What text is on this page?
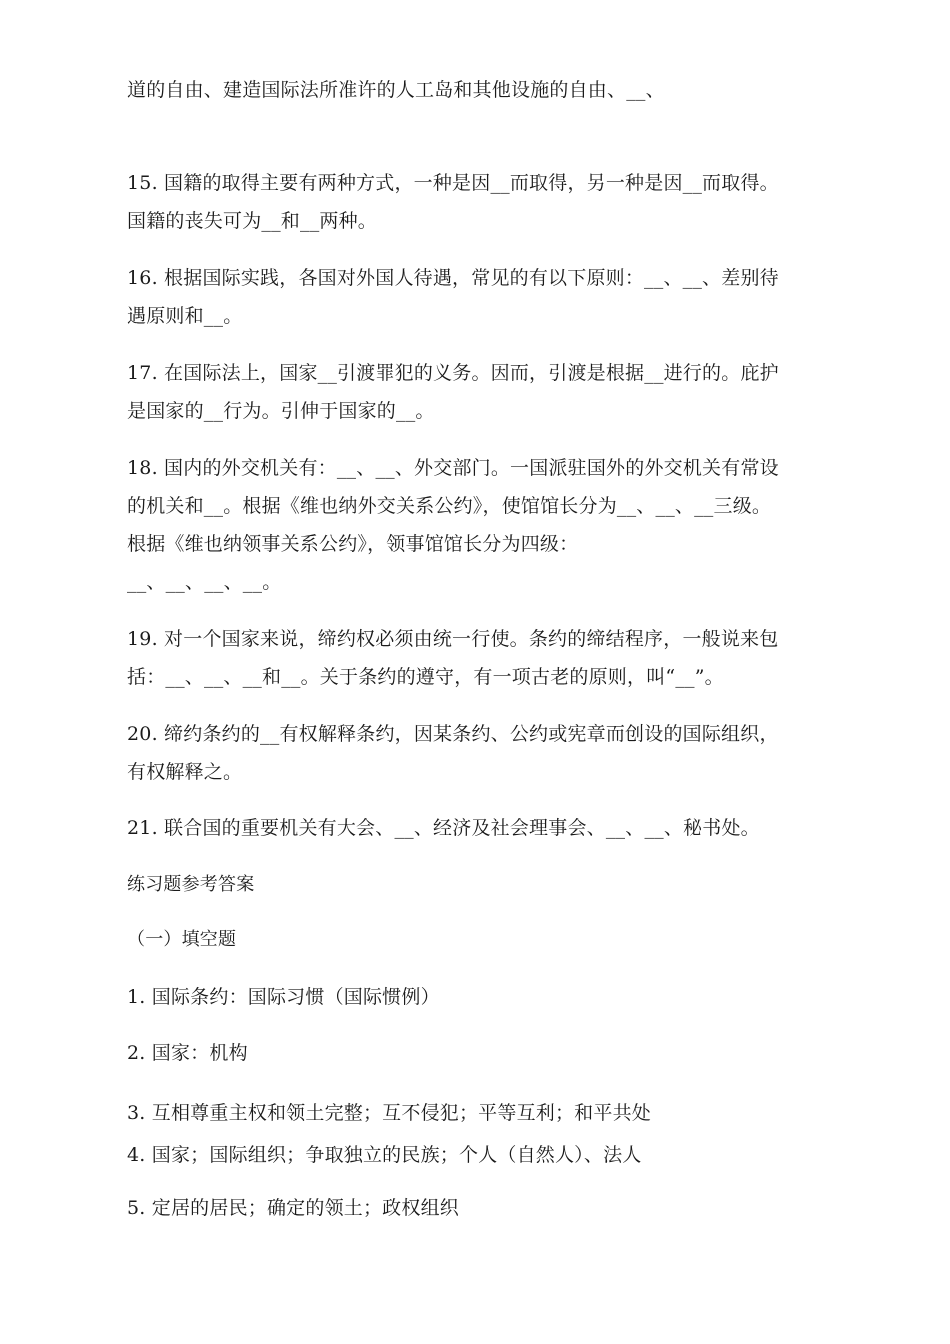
道的自由、建造国际法所准许的人工岛和其他设施的自由、__、
15. 国籍的取得主要有两种方式，一种是因__而取得，另一种是因__而取得。
国籍的丧失可为__和__两种。
16. 根据国际实践，各国对外国人待遇，常见的有以下原则：__、__、差别待
遇原则和__。
17. 在国际法上，国家__引渡罪犯的义务。因而，引渡是根据__进行的。庇护
是国家的__行为。引伸于国家的__。
18. 国内的外交机关有：__、__、外交部门。一国派驻国外的外交机关有常设
的机关和__。根据《维也纳外交关系公约》，使馆馆长分为__、__、__三级。
根据《维也纳领事关系公约》，领事馆馆长分为四级：
__、__、__、__。
19. 对一个国家来说，缔约权必须由统一行使。条约的缔结程序，一般说来包
括：__、__、__和__。关于条约的遵守，有一项古老的原则，叫“__”。
20. 缔约条约的__有权解释条约，因某条约、公约或宪章而创设的国际组织，
有权解释之。
21. 联合国的重要机关有大会、__、经济及社会理事会、__、__、秘书处。
练习题参考答案
（一）填空题
1. 国际条约：国际习惯（国际惯例）
2. 国家：机构
3. 互相尊重主权和领土完整；互不侵犯；平等互利；和平共处
4. 国家；国际组织；争取独立的民族；个人（自然人）、法人
5. 定居的居民；确定的领土；政权组织
